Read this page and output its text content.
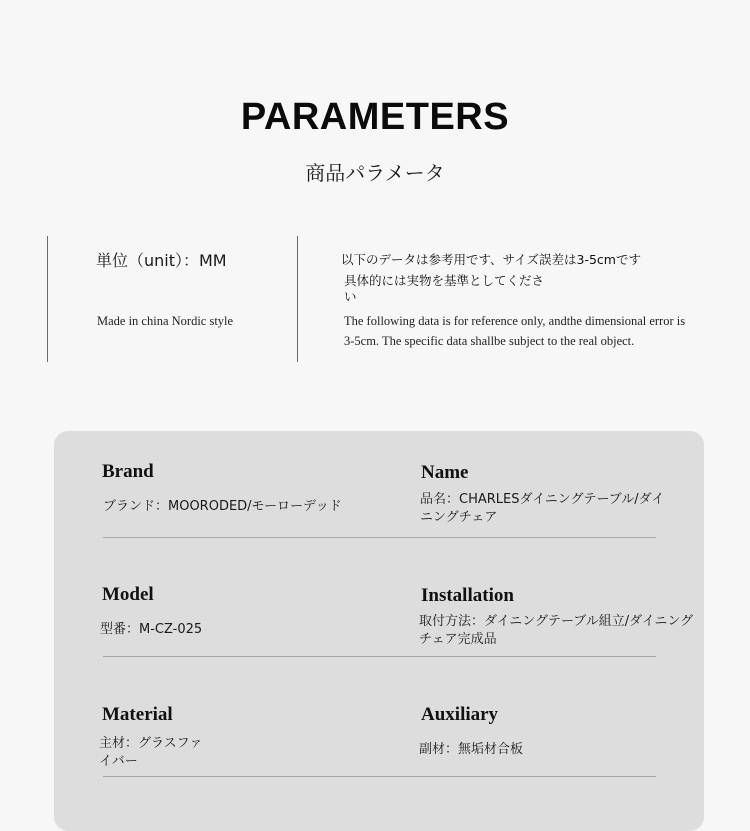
PARAMETERS
商品パラメータ
単位（unit）：MM
Made in china Nordic style
以下のデータは参考用です、サイズ誤差は3-5cmです
具体的には実物を基準としてください
The following data is for reference only, andthe dimensional error is 3-5cm. The specific data shallbe subject to the real object.
Brand
ブランド：MOORODED/モーローデッド
Name
品名：CHARLESダイニングテーブル/ダイニングチェア
Model
型番：M-CZ-025
Installation
取付方法：ダイニングテーブル組立/ダイニングチェア完成品
Material
主材：グラスファイバー
Auxiliary
副材：無垢材合板
